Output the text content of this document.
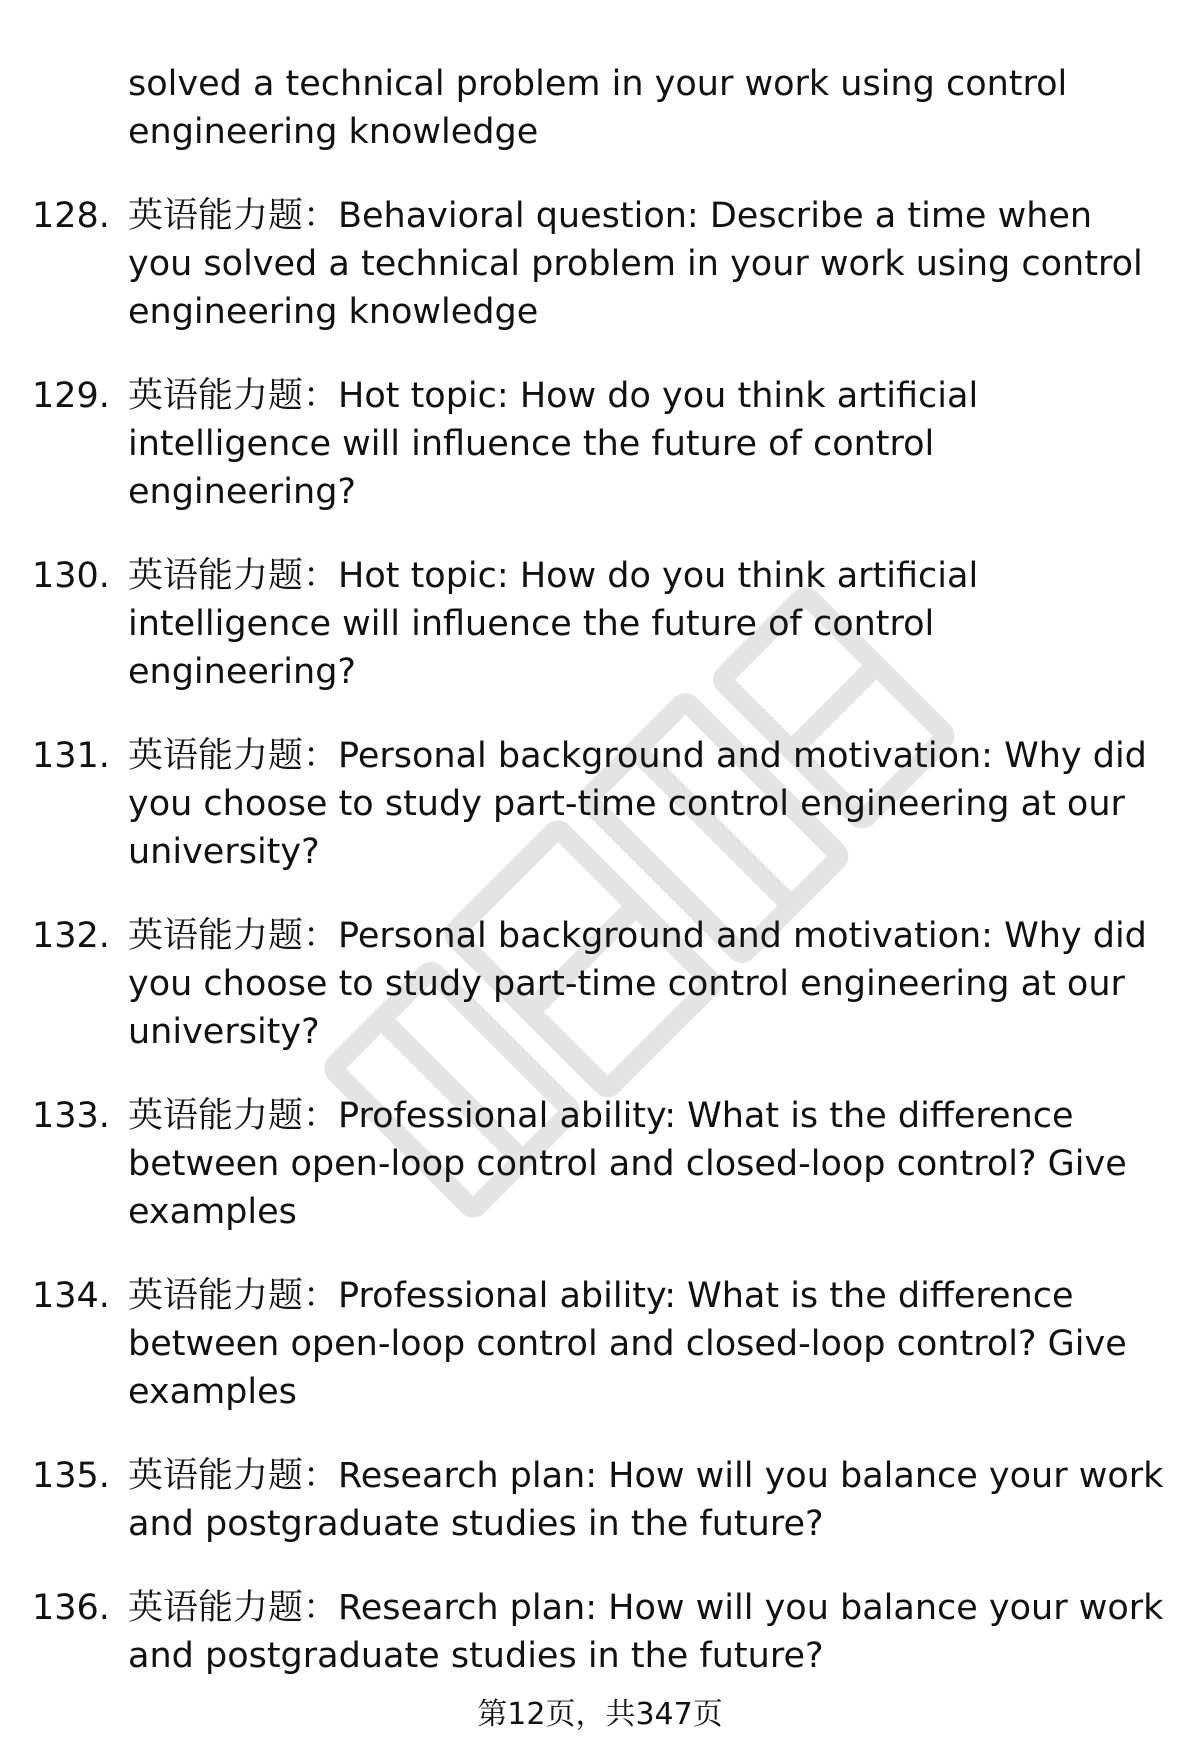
solved a technical problem in your work using control engineering knowledge
128. 英语能力题：Behavioral question: Describe a time when you solved a technical problem in your work using control engineering knowledge
129. 英语能力题：Hot topic: How do you think artificial intelligence will influence the future of control engineering?
130. 英语能力题：Hot topic: How do you think artificial intelligence will influence the future of control engineering?
131. 英语能力题：Personal background and motivation: Why did you choose to study part-time control engineering at our university?
132. 英语能力题：Personal background and motivation: Why did you choose to study part-time control engineering at our university?
133. 英语能力题：Professional ability: What is the difference between open-loop control and closed-loop control? Give examples
134. 英语能力题：Professional ability: What is the difference between open-loop control and closed-loop control? Give examples
135. 英语能力题：Research plan: How will you balance your work and postgraduate studies in the future?
136. 英语能力题：Research plan: How will you balance your work and postgraduate studies in the future?
第12页，共347页
